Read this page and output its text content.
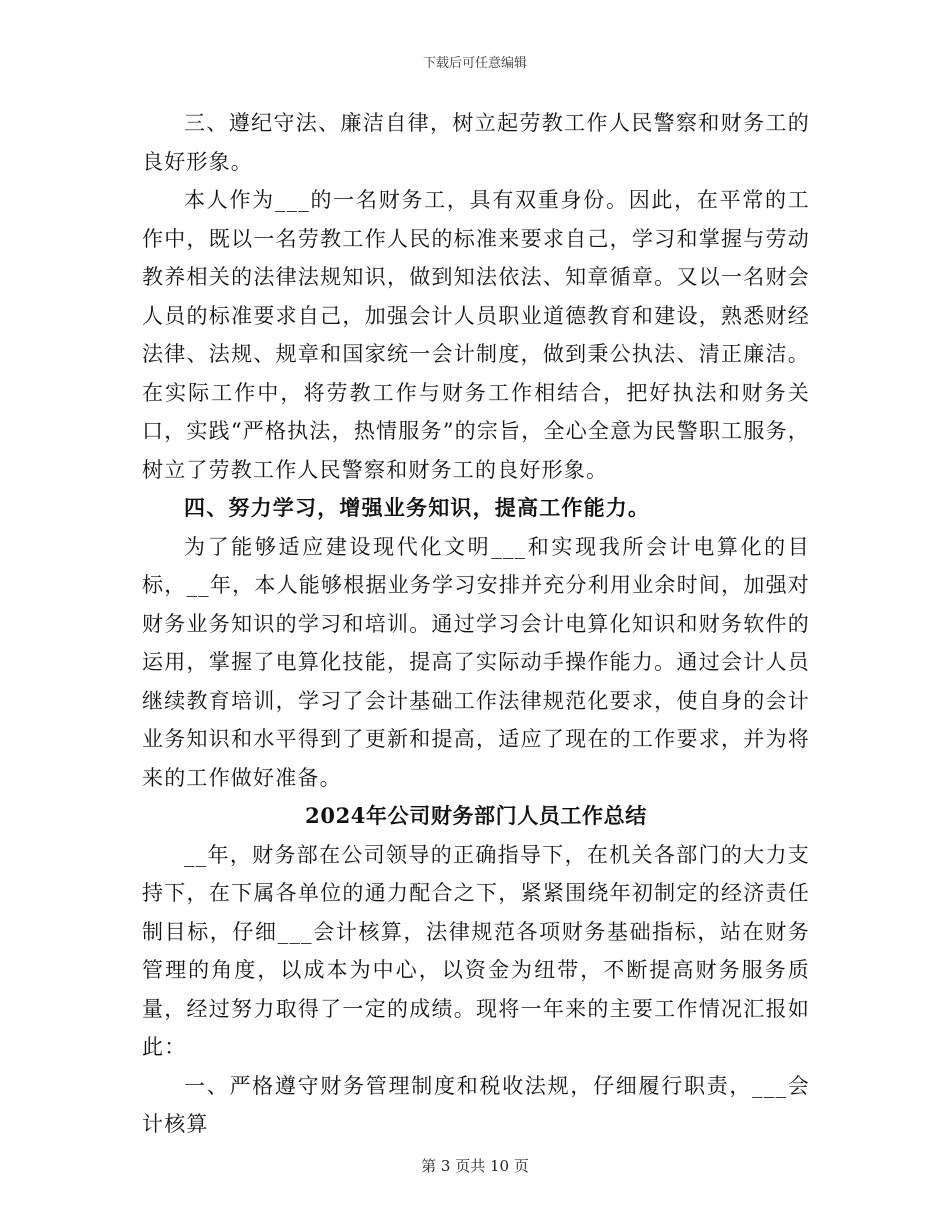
下载后可任意编辑

三、遵纪守法、廉洁自律，树立起劳教工作人民警察和财务工的良好形象。

本人作为___的一名财务工，具有双重身份。因此，在平常的工作中，既以一名劳教工作人民的标准来要求自己，学习和掌握与劳动教养相关的法律法规知识，做到知法依法、知章循章。又以一名财会人员的标准要求自己，加强会计人员职业道德教育和建设，熟悉财经法律、法规、规章和国家统一会计制度，做到秉公执法、清正廉洁。在实际工作中，将劳教工作与财务工作相结合，把好执法和财务关口，实践“严格执法，热情服务”的宗旨，全心全意为民警职工服务，树立了劳教工作人民警察和财务工的良好形象。

四、努力学习，增强业务知识，提高工作能力。

为了能够适应建设现代化文明___和实现我所会计电算化的目标，__年，本人能够根据业务学习安排并充分利用业余时间，加强对财务业务知识的学习和培训。通过学习会计电算化知识和财务软件的运用，掌握了电算化技能，提高了实际动手操作能力。通过会计人员继续教育培训，学习了会计基础工作法律规范化要求，使自身的会计业务知识和水平得到了更新和提高，适应了现在的工作要求，并为将来的工作做好准备。

2024年公司财务部门人员工作总结

__年，财务部在公司领导的正确指导下，在机关各部门的大力支持下，在下属各单位的通力配合之下，紧紧围绕年初制定的经济责任制目标，仔细___会计核算，法律规范各项财务基础指标，站在财务管理的角度，以成本为中心，以资金为纽带，不断提高财务服务质量，经过努力取得了一定的成绩。现将一年来的主要工作情况汇报如此：

一、严格遵守财务管理制度和税收法规，仔细履行职责，___会计核算

第 3 页共 10 页
